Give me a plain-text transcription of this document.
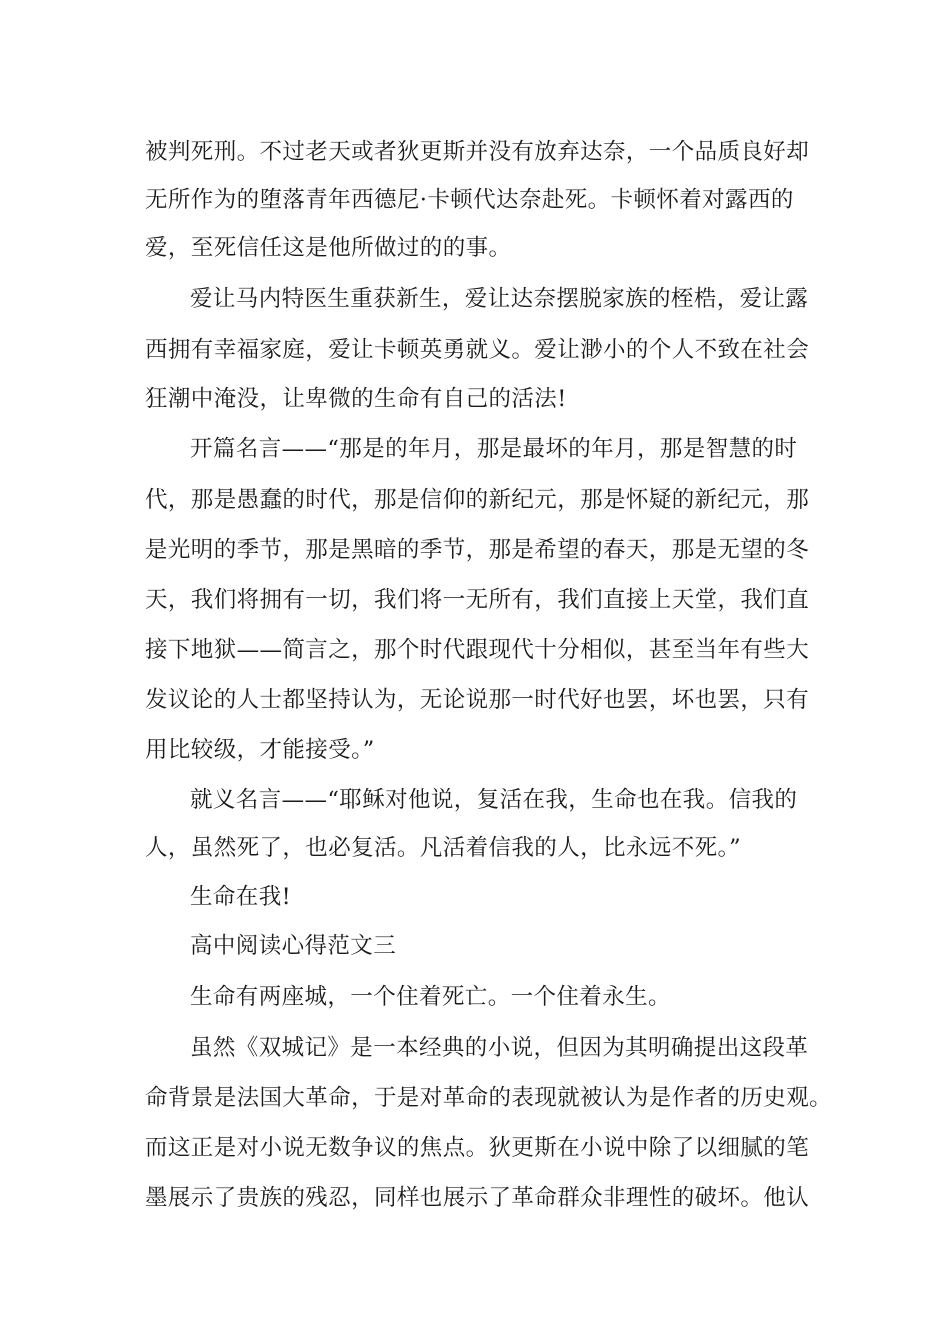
被判死刑。不过老天或者狄更斯并没有放弃达奈，一个品质良好却
无所作为的堕落青年西德尼·卡顿代达奈赴死。卡顿怀着对露西的
爱，至死信任这是他所做过的的事。
爱让马内特医生重获新生，爱让达奈摆脱家族的桎梏，爱让露
西拥有幸福家庭，爱让卡顿英勇就义。爱让渺小的个人不致在社会
狂潮中淹没，让卑微的生命有自己的活法!
开篇名言——“那是的年月，那是最坏的年月，那是智慧的时
代，那是愚蠢的时代，那是信仰的新纪元，那是怀疑的新纪元，那
是光明的季节，那是黑暗的季节，那是希望的春天，那是无望的冬
天，我们将拥有一切，我们将一无所有，我们直接上天堂，我们直
接下地狱——简言之，那个时代跟现代十分相似，甚至当年有些大
发议论的人士都坚持认为，无论说那一时代好也罢，坏也罢，只有
用比较级，才能接受。”
就义名言——“耶稣对他说，复活在我，生命也在我。信我的
人，虽然死了，也必复活。凡活着信我的人，比永远不死。”
生命在我!
高中阅读心得范文三
生命有两座城，一个住着死亡。一个住着永生。
虽然《双城记》是一本经典的小说，但因为其明确提出这段革
命背景是法国大革命，于是对革命的表现就被认为是作者的历史观。
而这正是对小说无数争议的焦点。狄更斯在小说中除了以细腻的笔
墨展示了贵族的残忍，同样也展示了革命群众非理性的破坏。他认
